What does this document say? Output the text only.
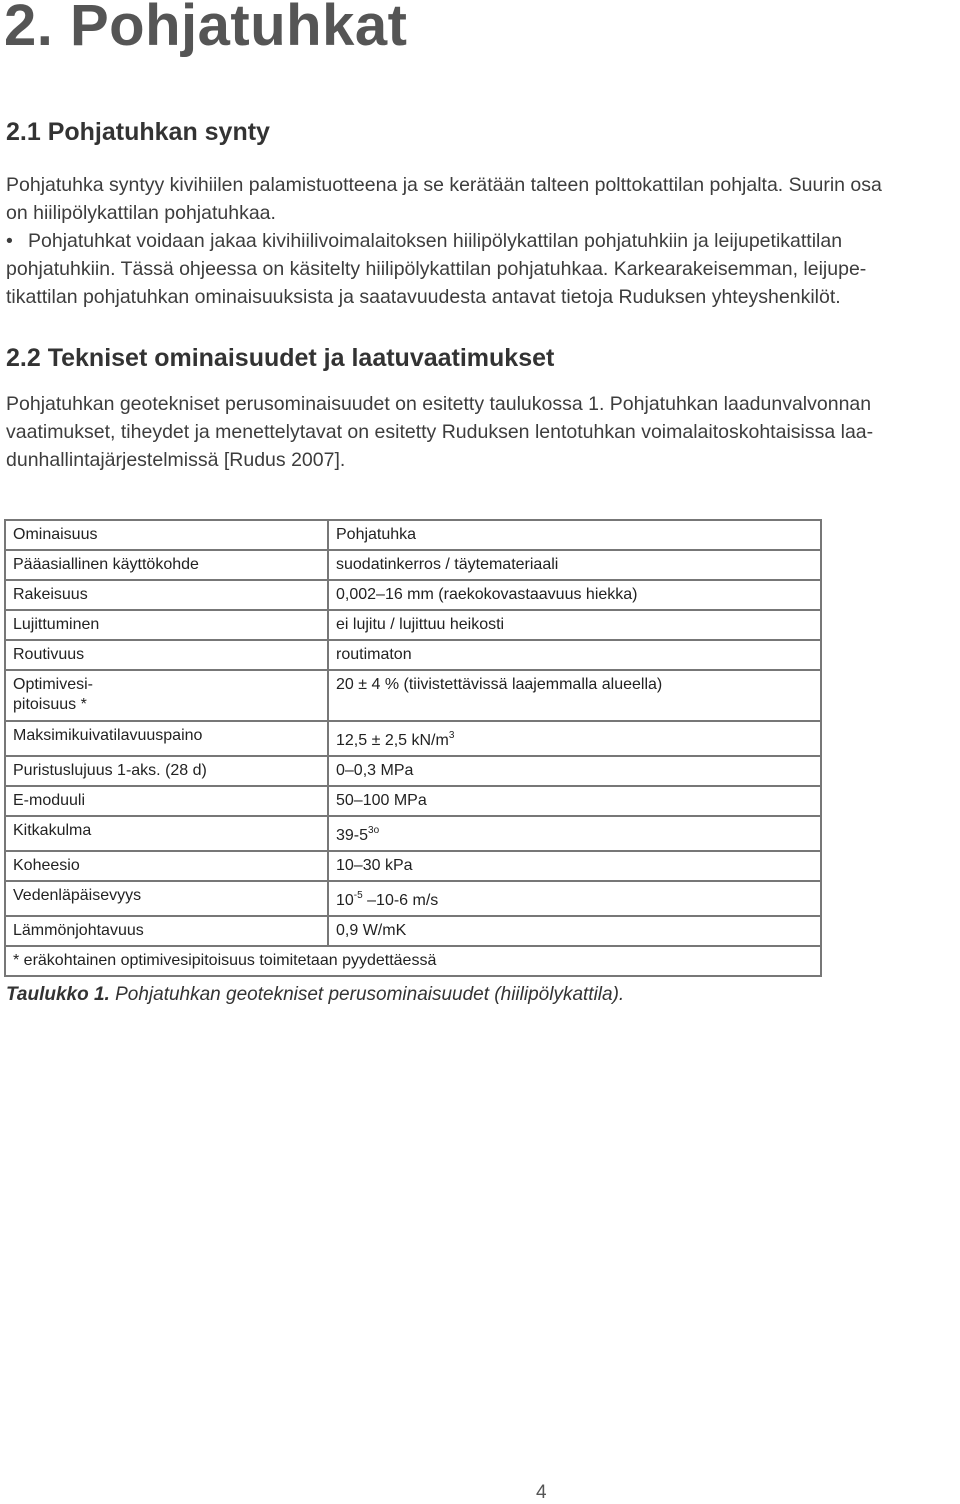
2. Pohjatuhkat
2.1 Pohjatuhkan synty
Pohjatuhka syntyy kivihiilen palamistuotteena ja se kerätään talteen polttokattilan pohjalta. Suurin osa
on hiilipölykattilan pohjatuhkaa.
• Pohjatuhkat voidaan jakaa kivihiilivoimalaitoksen hiilipölykattilan pohjatuhkiin ja leijupetikattilan
pohjatuhkiin. Tässä ohjeessa on käsitelty hiilipölykattilan pohjatuhkaa. Karkearakeisemman, leijupe-
tikattilan pohjatuhkan ominaisuuksista ja saatavuudesta antavat tietoja Ruduksen yhteyshenkilöt.
2.2 Tekniset ominaisuudet ja laatuvaatimukset
Pohjatuhkan geotekniset perusominaisuudet on esitetty taulukossa 1. Pohjatuhkan laadunvalvonnan
vaatimukset, tiheydet ja menettelytavat on esitetty Ruduksen lentotuhkan voimalaitoskohtaisissa laa-
dunhallintajärjestelmissä [Rudus 2007].
Ominaisuus	Pohjatuhka
Pääasiallinen käyttökohde	suodatinkerros / täytemateriaali
Rakeisuus	0,002–16 mm (raekokovastaavuus hiekka)
Lujittuminen	ei lujitu / lujittuu heikosti
Routivuus	routimaton
Optimivesi-
pitoisuus *	20 ± 4 % (tiivistettävissä laajemmalla alueella)
Maksimikuivatilavuuspaino	12,5 ± 2,5 $kN/m^3$
Puristuslujuus 1-aks. (28 d)	0–0,3 MPa
E-moduuli	50–100 MPa
Kitkakulma	$39-5^{3o}$
Koheesio	10–30 kPa
Vedenläpäisevyys	$10^{-5}$ –10-6 m/s
Lämmönjohtavuus	0,9 W/mK
* eräkohtainen optimivesipitoisuus toimitetaan pyydettäessä	

Taulukko 1. Pohjatuhkan geotekniset perusominaisuudet (hiilipölykattila).

4
